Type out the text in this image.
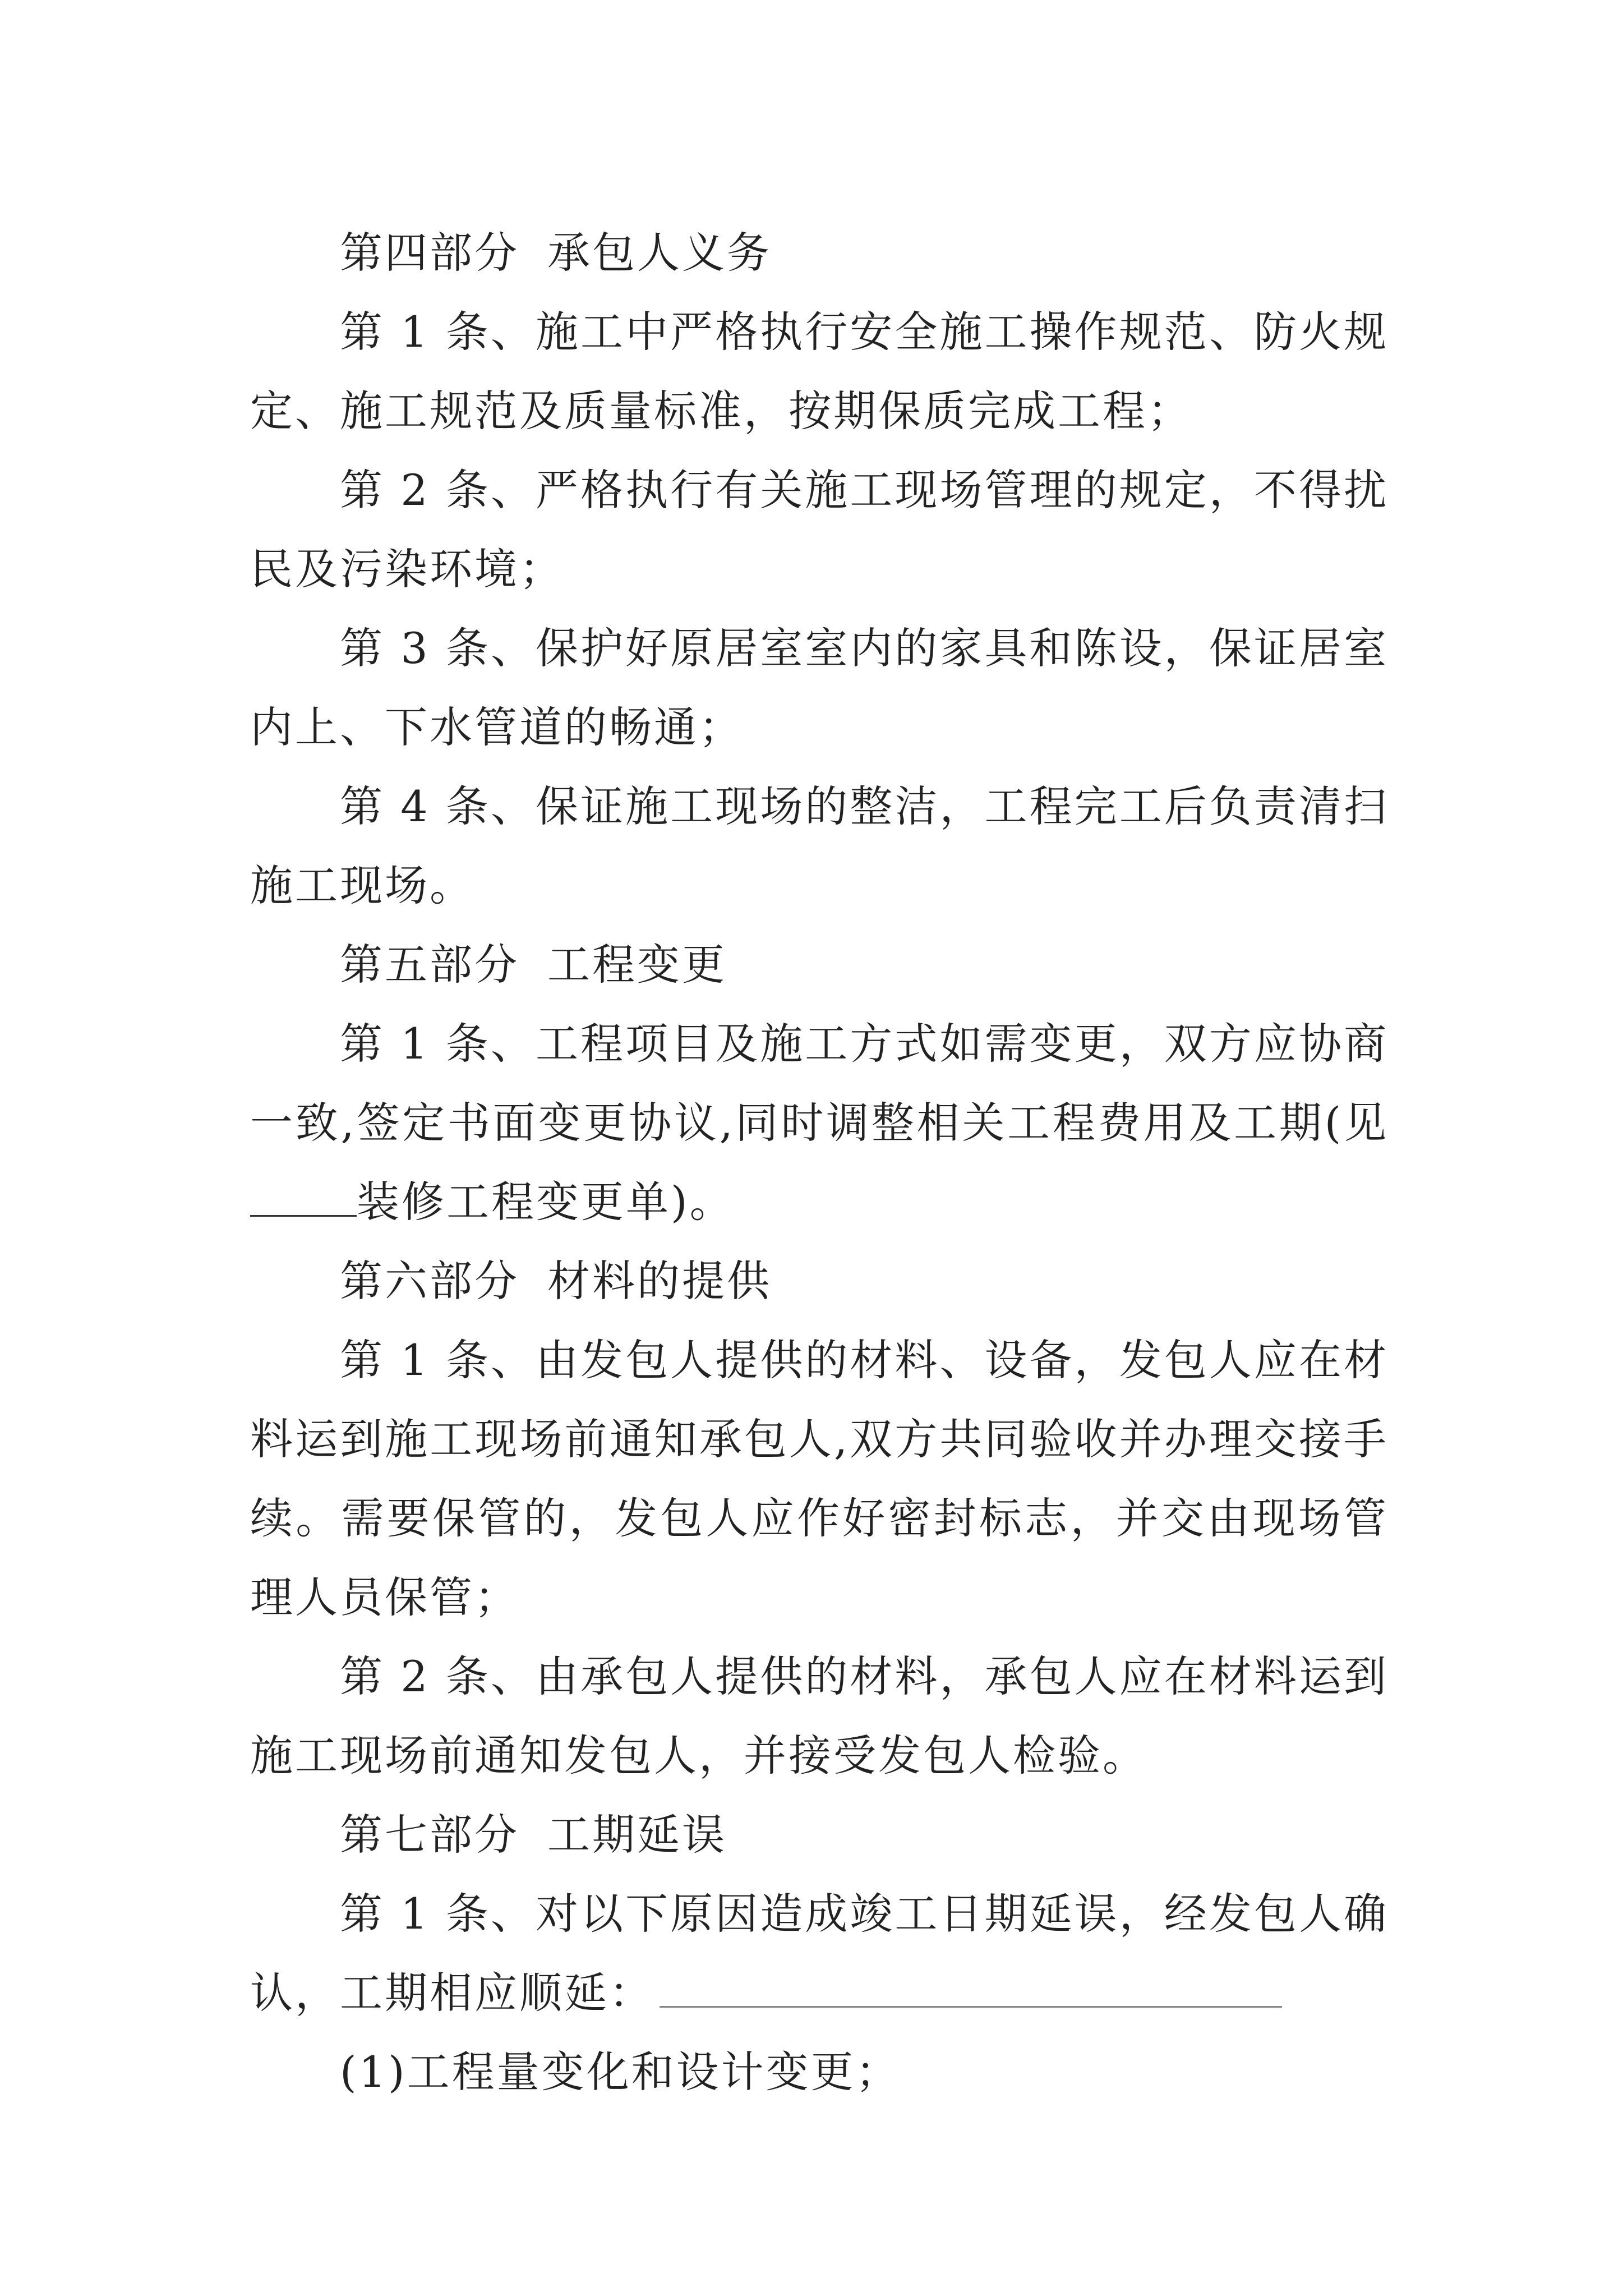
第四部分 承包人义务

第 1 条、施工中严格执行安全施工操作规范、防火规定、施工规范及质量标准，按期保质完成工程；

第 2 条、严格执行有关施工现场管理的规定，不得扰民及污染环境；

第 3 条、保护好原居室室内的家具和陈设，保证居室内上、下水管道的畅通；

第 4 条、保证施工现场的整洁，工程完工后负责清扫施工现场。

第五部分 工程变更

第 1 条、工程项目及施工方式如需变更，双方应协商一致,签定书面变更协议,同时调整相关工程费用及工期(见装修工程变更单)。

第六部分 材料的提供

第 1 条、由发包人提供的材料、设备，发包人应在材料运到施工现场前通知承包人,双方共同验收并办理交接手续。需要保管的，发包人应作好密封标志，并交由现场管理人员保管；

第 2 条、由承包人提供的材料，承包人应在材料运到施工现场前通知发包人，并接受发包人检验。

第七部分 工期延误

第 1 条、对以下原因造成竣工日期延误，经发包人确认，工期相应顺延：

(1)工程量变化和设计变更；
